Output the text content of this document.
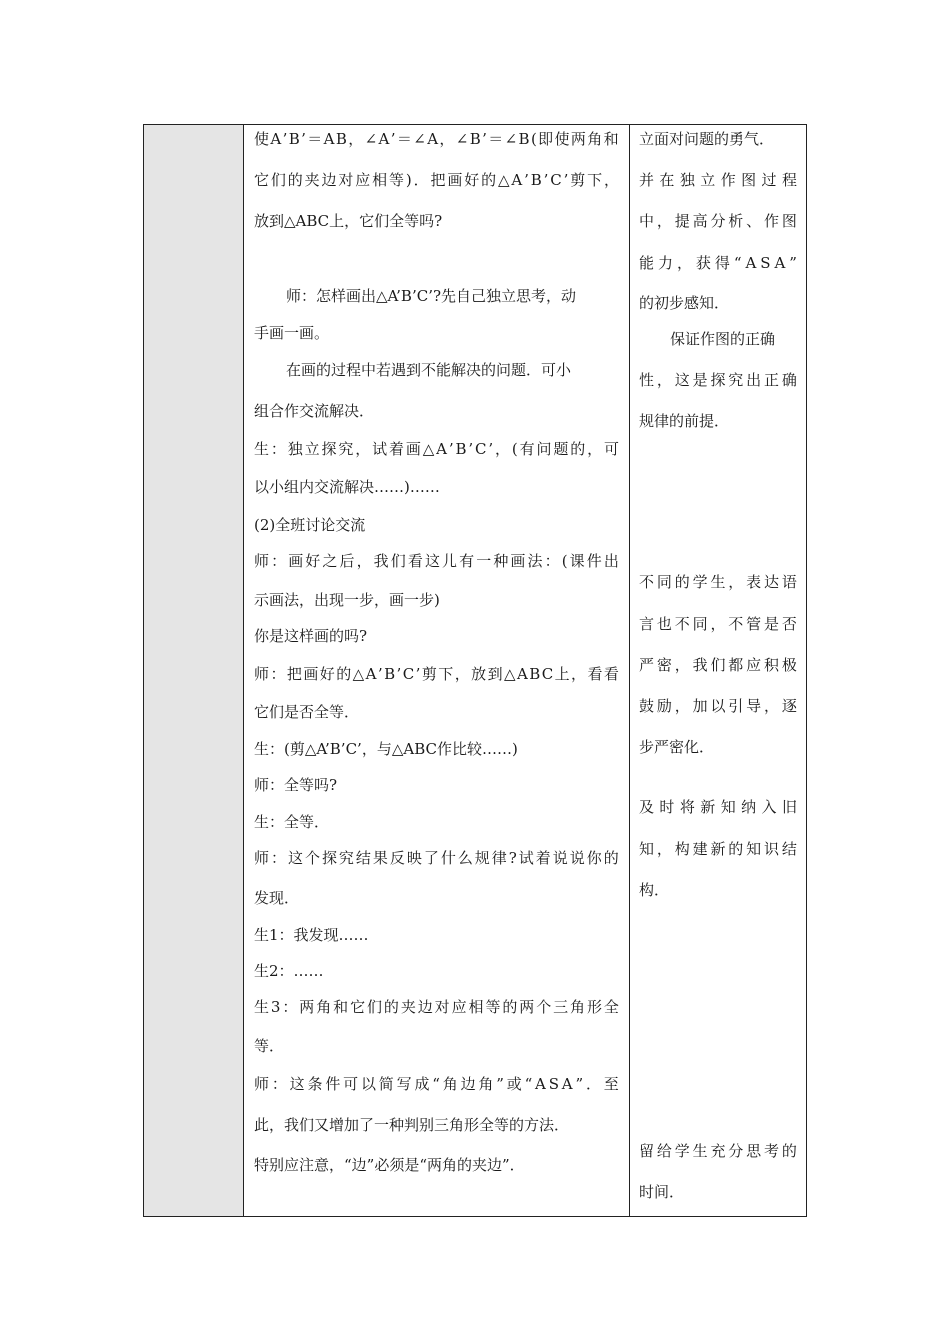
使 A ’ B ’ ＝ A B ， ∠ A ’ ＝ ∠ A ， ∠ B ’ ＝ ∠ B ( 即 使 两 角 和
它 们 的 夹 边 对 应 相 等 ) ． 把 画 好 的 △ A ’ B ’ C ’ 剪 下 ，
放到△ABC上，它们全等吗?
师：怎样画出△A’B’C’?先自己独立思考，动
手画一画。
在画的过程中若遇到不能解决的问题．可小
组合作交流解决．
生 ： 独 立 探 究 ， 试 着 画 △ A ’ B ’ C ’ ， ( 有 问 题 的 ， 可
以小组内交流解决……)……
(2)全班讨论交流
师 ： 画 好 之 后 ， 我 们 看 这 儿 有 一 种 画 法 ： ( 课 件 出
示画法，出现一步，画一步)
你是这样画的吗?
师 ： 把 画 好 的 △ A ’ B ’ C ’ 剪 下 ， 放 到 △ A B C 上 ， 看 看
它们是否全等．
生：(剪△A’B’C’，与△ABC作比较……)
师：全等吗?
生：全等．
师 ： 这 个 探 究 结 果 反 映 了 什 么 规 律 ? 试 着 说 说 你 的
发现．
生1：我发现……
生2：……
生 3 ： 两 角 和 它 们 的 夹 边 对 应 相 等 的 两 个 三 角 形 全
等．
师 ： 这 条 件 可 以 简 写 成 “ 角 边 角 ” 或 “ A S A ” ． 至
此，我们又增加了一种判别三角形全等的方法．
特别应注意，“边”必须是“两角的夹边”．
立面对问题的勇气．
并 在 独 立 作 图 过 程
中 ， 提 高 分 析 、 作 图
能 力 ， 获 得 “ A S A ”
的初步感知．
保证作图的正确
性 ， 这 是 探 究 出 正 确
规律的前提．
不 同 的 学 生 ， 表 达 语
言 也 不 同 ， 不 管 是 否
严 密 ， 我 们 都 应 积 极
鼓 励 ， 加 以 引 导 ， 逐
步严密化．
及 时 将 新 知 纳 入 旧
知 ， 构 建 新 的 知 识 结
构．
留 给 学 生 充 分 思 考 的
时间．
